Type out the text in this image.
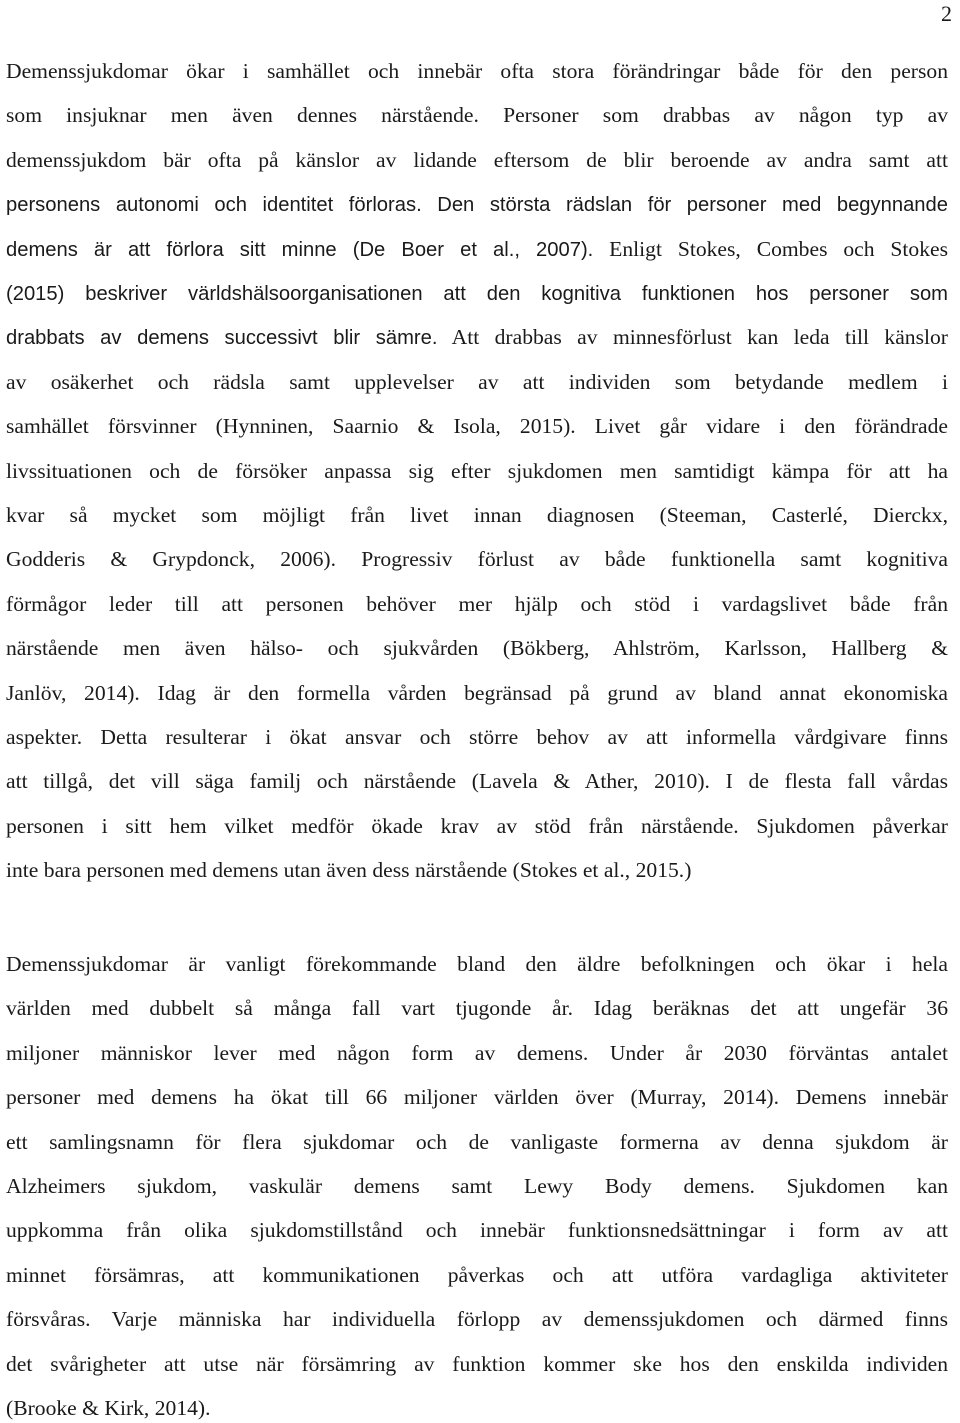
2
Demenssjukdomar ökar i samhället och innebär ofta stora förändringar både för den person
som insjuknar men även dennes närstående. Personer som drabbas av någon typ av
demenssjukdom bär ofta på känslor av lidande eftersom de blir beroende av andra samt att
personens autonomi och identitet förloras. Den största rädslan för personer med begynnande
demens är att förlora sitt minne (De Boer et al., 2007). Enligt Stokes, Combes och Stokes
(2015) beskriver världshälsoorganisationen att den kognitiva funktionen hos personer som
drabbats av demens successivt blir sämre. Att drabbas av minnesförlust kan leda till känslor
av osäkerhet och rädsla samt upplevelser av att individen som betydande medlem i
samhället försvinner (Hynninen, Saarnio & Isola, 2015). Livet går vidare i den förändrade
livssituationen och de försöker anpassa sig efter sjukdomen men samtidigt kämpa för att ha
kvar så mycket som möjligt från livet innan diagnosen (Steeman, Casterlé, Dierckx,
Godderis & Grypdonck, 2006). Progressiv förlust av både funktionella samt kognitiva
förmågor leder till att personen behöver mer hjälp och stöd i vardagslivet både från
närstående men även hälso- och sjukvården (Bökberg, Ahlström, Karlsson, Hallberg &
Janlöv, 2014). Idag är den formella vården begränsad på grund av bland annat ekonomiska
aspekter. Detta resulterar i ökat ansvar och större behov av att informella vårdgivare finns
att tillgå, det vill säga familj och närstående (Lavela & Ather, 2010). I de flesta fall vårdas
personen i sitt hem vilket medför ökade krav av stöd från närstående. Sjukdomen påverkar
inte bara personen med demens utan även dess närstående (Stokes et al., 2015.)
Demenssjukdomar är vanligt förekommande bland den äldre befolkningen och ökar i hela
världen med dubbelt så många fall vart tjugonde år. Idag beräknas det att ungefär 36
miljoner människor lever med någon form av demens. Under år 2030 förväntas antalet
personer med demens ha ökat till 66 miljoner världen över (Murray, 2014). Demens innebär
ett samlingsnamn för flera sjukdomar och de vanligaste formerna av denna sjukdom är
Alzheimers sjukdom, vaskulär demens samt Lewy Body demens. Sjukdomen kan
uppkomma från olika sjukdomstillstånd och innebär funktionsnedsättningar i form av att
minnet försämras, att kommunikationen påverkas och att utföra vardagliga aktiviteter
försvåras. Varje människa har individuella förlopp av demenssjukdomen och därmed finns
det svårigheter att utse när försämring av funktion kommer ske hos den enskilda individen
(Brooke & Kirk, 2014).
